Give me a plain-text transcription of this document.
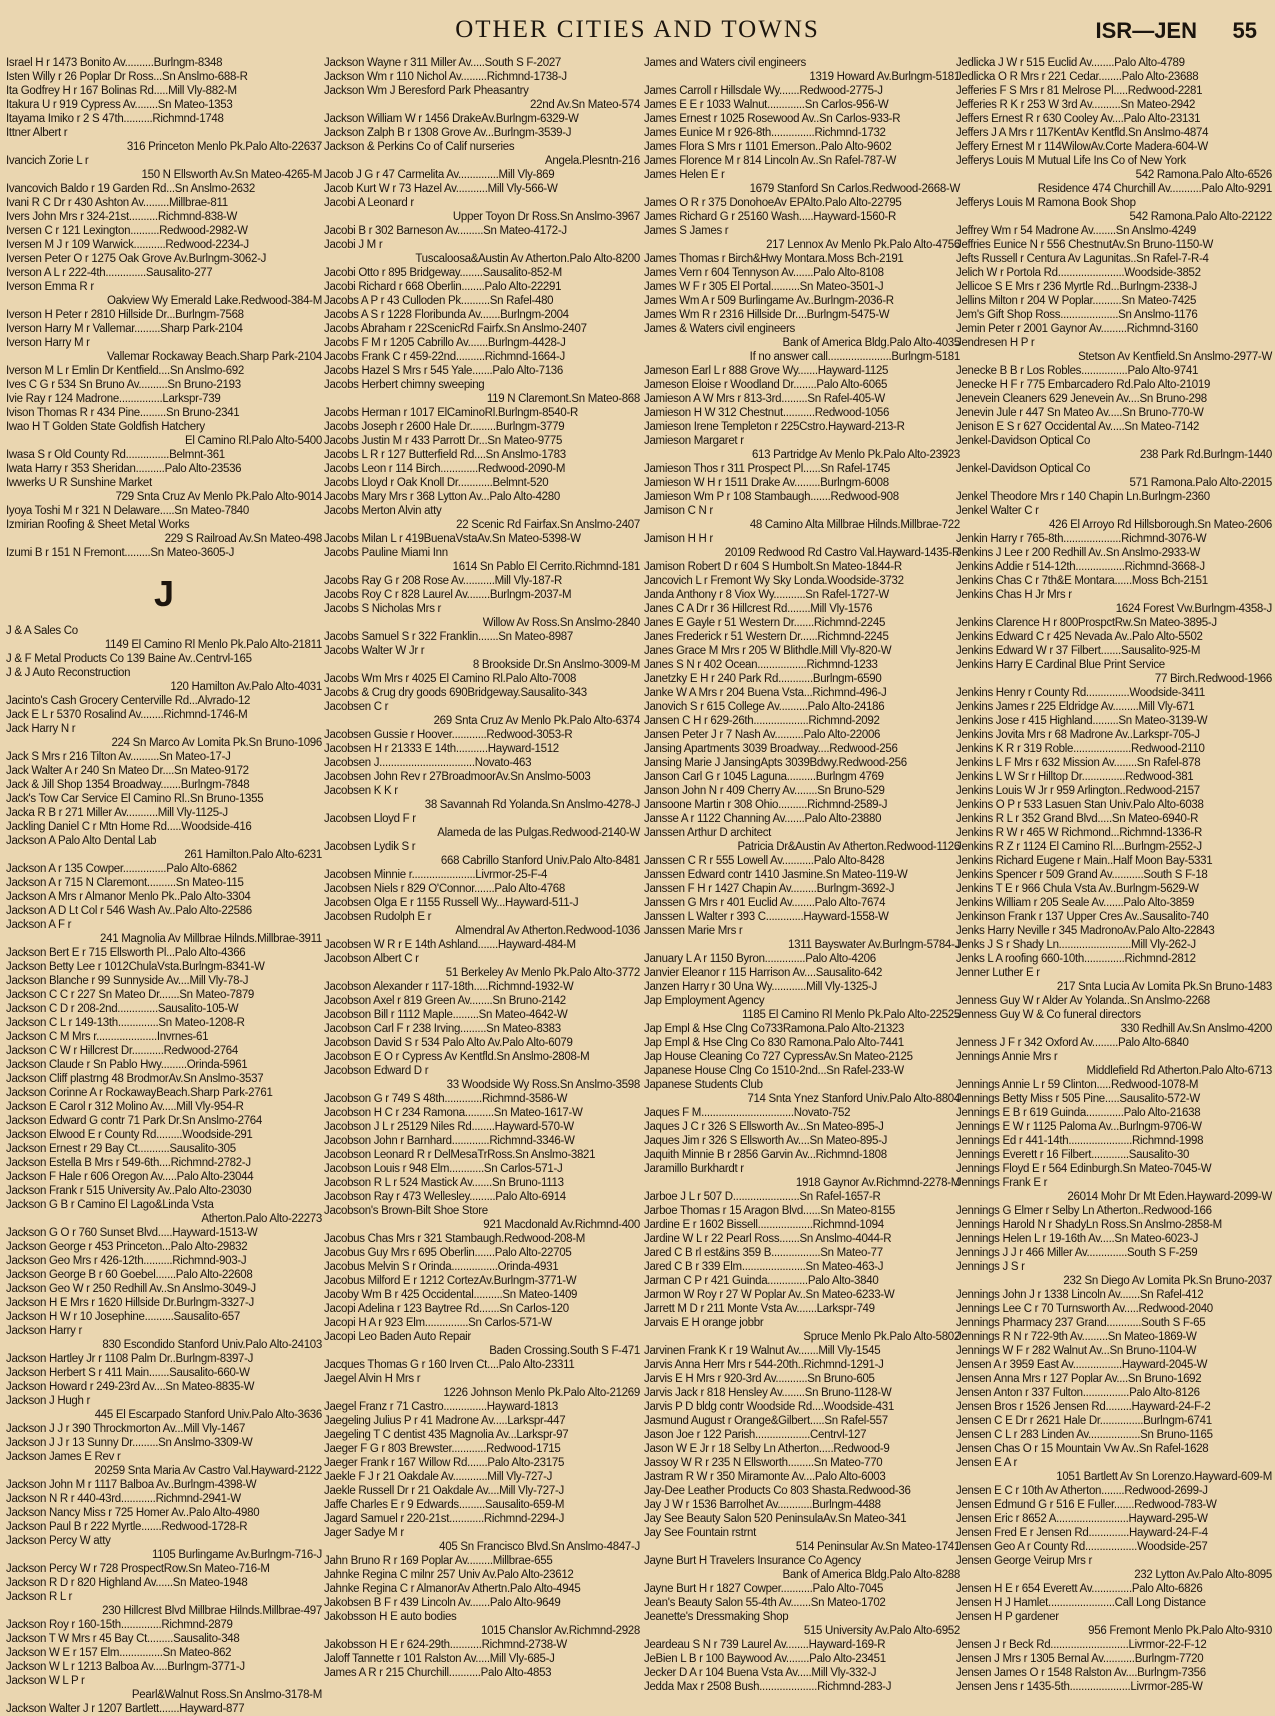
OTHER CITIES AND TOWNS	ISR—JEN 55
Israel H r 1473 Bonito Av..........Burlngm-8348
Isten Willy r 26 Poplar Dr Ross...Sn Anslmo-688-R
Ita Godfrey H r 167 Bolinas Rd.....Mill Vly-882-M
Itakura U r 919 Cypress Av........Sn Mateo-1353
Itayama Imiko r 2 S 47th..........Richmnd-1748
Ittner Albert r
316 Princeton Menlo Pk.Palo Alto-22637
Ivancich Zorie L r
150 N Ellsworth Av.Sn Mateo-4265-M
Ivancovich Baldo r 19 Garden Rd...Sn Anslmo-2632
Ivani R C Dr r 430 Ashton Av.........Millbrae-811
Ivers John Mrs r 324-21st..........Richmnd-838-W
Iversen C r 121 Lexington..........Redwood-2982-W
Iversen M J r 109 Warwick...........Redwood-2234-J
Iversen Peter O r 1275 Oak Grove Av.Burlngm-3062-J
Iverson A L r 222-4th..............Sausalito-277
Iverson Emma R r
Oakview Wy Emerald Lake.Redwood-384-M
Iverson H Peter r 2810 Hillside Dr...Burlngm-7568
Iverson Harry M r Vallemar.........Sharp Park-2104
Iverson Harry M r
Vallemar Rockaway Beach.Sharp Park-2104
Iverson M L r Emlin Dr Kentfield....Sn Anslmo-692
Ives C G r 534 Sn Bruno Av..........Sn Bruno-2193
Ivie Ray r 124 Madrone...............Larkspr-739
Ivison Thomas R r 434 Pine.........Sn Bruno-2341
Iwao H T Golden State Goldfish Hatchery
El Camino Rl.Palo Alto-5400
Iwasa S r Old County Rd...............Belmnt-361
Iwata Harry r 353 Sheridan..........Palo Alto-23536
Iwwerks U R Sunshine Market
729 Snta Cruz Av Menlo Pk.Palo Alto-9014
Iyoya Toshi M r 321 N Delaware.....Sn Mateo-7840
Izmirian Roofing & Sheet Metal Works
229 S Railroad Av.Sn Mateo-498
Izumi B r 151 N Fremont.........Sn Mateo-3605-J
J
J & A Sales Co
1149 El Camino Rl Menlo Pk.Palo Alto-21811
J & F Metal Products Co 139 Baine Av..Centrvl-165
J & J Auto Reconstruction
120 Hamilton Av.Palo Alto-4031
Jacinto's Cash Grocery Centerville Rd...Alvrado-12
Jack E L r 5370 Rosalind Av........Richmnd-1746-M
Jack Harry N r
224 Sn Marco Av Lomita Pk.Sn Bruno-1096
Jack S Mrs r 216 Tilton Av..........Sn Mateo-17-J
Jack Walter A r 240 Sn Mateo Dr....Sn Mateo-9172
Jack & Jill Shop 1354 Broadway.......Burlngm-7848
Jack's Tow Car Service El Camino Rl..Sn Bruno-1355
Jacka R B r 271 Miller Av...........Mill Vly-1125-J
Jackling Daniel C r Mtn Home Rd.....Woodside-416
Jackson A Palo Alto Dental Lab
261 Hamilton.Palo Alto-6231
Jackson A r 135 Cowper...............Palo Alto-6862
Jackson A r 715 N Claremont..........Sn Mateo-115
Jackson A Mrs r Almanor Menlo Pk..Palo Alto-3304
Jackson A D Lt Col r 546 Wash Av..Palo Alto-22586
Jackson A F r
241 Magnolia Av Millbrae Hilnds.Millbrae-3911
Jackson Bert E r 715 Ellsworth Pl...Palo Alto-4366
Jackson Betty Lee r 1012ChulaVsta.Burlngm-8341-W
Jackson Blanche r 99 Sunnyside Av....Mill Vly-78-J
Jackson C C r 227 Sn Mateo Dr.......Sn Mateo-7879
Jackson C D r 208-2nd..............Sausalito-105-W
Jackson C L r 149-13th..............Sn Mateo-1208-R
Jackson C M Mrs r.....................Invrnes-61
Jackson C W r Hillcrest Dr...........Redwood-2764
Jackson Claude r Sn Pablo Hwy.........Orinda-5961
Jackson Cliff plastrng 48 BrodmorAv.Sn Anslmo-3537
Jackson Corinne A r RockawayBeach.Sharp Park-2761
Jackson E Carol r 312 Molino Av.....Mill Vly-954-R
Jackson Edward G contr 71 Park Dr.Sn Anslmo-2764
Jackson Elwood E r County Rd.........Woodside-291
Jackson Ernest r 29 Bay Ct...........Sausalito-305
Jackson Estella B Mrs r 549-6th....Richmnd-2782-J
Jackson F Hale r 606 Oregon Av.....Palo Alto-23044
Jackson Frank r 515 University Av..Palo Alto-23030
Jackson G B r Camino El Lago&Linda Vsta
Atherton.Palo Alto-22273
Jackson G O r 760 Sunset Blvd.....Hayward-1513-W
Jackson George r 453 Princeton...Palo Alto-29832
Jackson Geo Mrs r 426-12th..........Richmnd-903-J
Jackson George B r 60 Goebel.......Palo Alto-22608
Jackson Geo W r 250 Redhill Av..Sn Anslmo-3049-J
Jackson H E Mrs r 1620 Hillside Dr.Burlngm-3327-J
Jackson H W r 10 Josephine..........Sausalito-657
Jackson Harry r
830 Escondido Stanford Univ.Palo Alto-24103
Jackson Hartley Jr r 1108 Palm Dr..Burlngm-8397-J
Jackson Herbert S r 411 Main.......Sausalito-660-W
Jackson Howard r 249-23rd Av....Sn Mateo-8835-W
Jackson J Hugh r
445 El Escarpado Stanford Univ.Palo Alto-3636
Jackson J J r 390 Throckmorton Av...Mill Vly-1467
Jackson J J r 13 Sunny Dr.........Sn Anslmo-3309-W
Jackson James E Rev r
20259 Snta Maria Av Castro Val.Hayward-2122
Jackson John M r 1117 Balboa Av..Burlngm-4398-W
Jackson N R r 440-43rd............Richmnd-2941-W
Jackson Nancy Miss r 725 Homer Av..Palo Alto-4980
Jackson Paul B r 222 Myrtle.......Redwood-1728-R
Jackson Percy W atty
1105 Burlingame Av.Burlngm-716-J
Jackson Percy W r 728 ProspectRow.Sn Mateo-716-M
Jackson R D r 820 Highland Av......Sn Mateo-1948
Jackson R L r
230 Hillcrest Blvd Millbrae Hilnds.Millbrae-497
Jackson Roy r 160-15th..............Richmnd-2879
Jackson T W Mrs r 45 Bay Ct.........Sausalito-348
Jackson W E r 157 Elm...............Sn Mateo-862
Jackson W L r 1213 Balboa Av.....Burlngm-3771-J
Jackson W L P r
Pearl&Walnut Ross.Sn Anslmo-3178-M
Jackson Walter J r 1207 Bartlett.......Hayward-877
Jackson Wayne r 311 Miller Av.....South S F-2027
Jackson Wm r 110 Nichol Av.........Richmnd-1738-J
Jackson Wm J Beresford Park Pheasantry
22nd Av.Sn Mateo-574
Jackson William W r 1456 DrakeAv.Burlngm-6329-W
Jackson Zalph B r 1308 Grove Av...Burlngm-3539-J
Jackson & Perkins Co of Calif nurseries
Angela.Plesntn-216
Jacob J G r 47 Carmelita Av..............Mill Vly-869
Jacob Kurt W r 73 Hazel Av...........Mill Vly-566-W
Jacobi A Leonard r
Upper Toyon Dr Ross.Sn Anslmo-3967
Jacobi B r 302 Barneson Av.........Sn Mateo-4172-J
Jacobi J M r
Tuscaloosa&Austin Av Atherton.Palo Alto-8200
Jacobi Otto r 895 Bridgeway........Sausalito-852-M
Jacobi Richard r 668 Oberlin........Palo Alto-22291
Jacobs A P r 43 Culloden Pk..........Sn Rafel-480
Jacobs A S r 1228 Floribunda Av.......Burlngm-2004
Jacobs Abraham r 22ScenicRd Fairfx.Sn Anslmo-2407
Jacobs F M r 1205 Cabrillo Av.......Burlngm-4428-J
Jacobs Frank C r 459-22nd..........Richmnd-1664-J
Jacobs Hazel S Mrs r 545 Yale.......Palo Alto-7136
Jacobs Herbert chimny sweeping
119 N Claremont.Sn Mateo-868
Jacobs Herman r 1017 ElCaminoRl.Burlngm-8540-R
Jacobs Joseph r 2600 Hale Dr.........Burlngm-3779
Jacobs Justin M r 433 Parrott Dr...Sn Mateo-9775
Jacobs L R r 127 Butterfield Rd....Sn Anslmo-1783
Jacobs Leon r 114 Birch.............Redwood-2090-M
Jacobs Lloyd r Oak Knoll Dr............Belmnt-520
Jacobs Mary Mrs r 368 Lytton Av...Palo Alto-4280
Jacobs Merton Alvin atty
22 Scenic Rd Fairfax.Sn Anslmo-2407
Jacobs Milan L r 419BuenaVstaAv.Sn Mateo-5398-W
Jacobs Pauline Miami Inn
1614 Sn Pablo El Cerrito.Richmnd-181
Jacobs Ray G r 208 Rose Av...........Mill Vly-187-R
Jacobs Roy C r 828 Laurel Av........Burlngm-2037-M
Jacobs S Nicholas Mrs r
Willow Av Ross.Sn Anslmo-2840
Jacobs Samuel S r 322 Franklin.......Sn Mateo-8987
Jacobs Walter W Jr r
8 Brookside Dr.Sn Anslmo-3009-M
Jacobs Wm Mrs r 4025 El Camino Rl.Palo Alto-7008
Jacobs & Crug dry goods 690Bridgeway.Sausalito-343
Jacobsen C r
269 Snta Cruz Av Menlo Pk.Palo Alto-6374
Jacobsen Gussie r Hoover............Redwood-3053-R
Jacobsen H r 21333 E 14th...........Hayward-1512
Jacobsen J.................................Novato-463
Jacobsen John Rev r 27BroadmoorAv.Sn Anslmo-5003
Jacobsen K K r
38 Savannah Rd Yolanda.Sn Anslmo-4278-J
Jacobsen Lloyd F r
Alameda de las Pulgas.Redwood-2140-W
Jacobsen Lydik S r
668 Cabrillo Stanford Univ.Palo Alto-8481
Jacobsen Minnie r......................Livrmor-25-F-4
Jacobsen Niels r 829 O'Connor.......Palo Alto-4768
Jacobsen Olga E r 1155 Russell Wy...Hayward-511-J
Jacobsen Rudolph E r
Almendral Av Atherton.Redwood-1036
Jacobsen W R r E 14th Ashland.......Hayward-484-M
Jacobson Albert C r
51 Berkeley Av Menlo Pk.Palo Alto-3772
Jacobson Alexander r 117-18th.....Richmnd-1932-W
Jacobson Axel r 819 Green Av........Sn Bruno-2142
Jacobson Bill r 1112 Maple.........Sn Mateo-4642-W
Jacobson Carl F r 238 Irving.........Sn Mateo-8383
Jacobson David S r 534 Palo Alto Av.Palo Alto-6079
Jacobson E O r Cypress Av Kentfld.Sn Anslmo-2808-M
Jacobson Edward D r
33 Woodside Wy Ross.Sn Anslmo-3598
Jacobson G r 749 S 48th.............Richmnd-3586-W
Jacobson H C r 234 Ramona..........Sn Mateo-1617-W
Jacobson J L r 25129 Niles Rd........Hayward-570-W
Jacobson John r Barnhard.............Richmnd-3346-W
Jacobson Leonard R r DelMesaTrRoss.Sn Anslmo-3821
Jacobson Louis r 948 Elm............Sn Carlos-571-J
Jacobson R L r 524 Mastick Av.......Sn Bruno-1113
Jacobson Ray r 473 Wellesley.........Palo Alto-6914
Jacobson's Brown-Bilt Shoe Store
921 Macdonald Av.Richmnd-400
Jacobus Chas Mrs r 321 Stambaugh.Redwood-208-M
Jacobus Guy Mrs r 695 Oberlin.......Palo Alto-22705
Jacobus Melvin S r Orinda................Orinda-4931
Jacobus Milford E r 1212 CortezAv.Burlngm-3771-W
Jacoby Wm B r 425 Occidental..........Sn Mateo-1409
Jacopi Adelina r 123 Baytree Rd.......Sn Carlos-120
Jacopi H A r 923 Elm...............Sn Carlos-571-W
Jacopi Leo Baden Auto Repair
Baden Crossing.South S F-471
Jacques Thomas G r 160 Irven Ct....Palo Alto-23311
Jaegel Alvin H Mrs r
1226 Johnson Menlo Pk.Palo Alto-21269
Jaegel Franz r 71 Castro...............Hayward-1813
Jaegeling Julius P r 41 Madrone Av.....Larkspr-447
Jaegeling T C dentist 435 Magnolia Av...Larkspr-97
Jaeger F G r 803 Brewster............Redwood-1715
Jaeger Frank r 167 Willow Rd.......Palo Alto-23175
Jaekle F J r 21 Oakdale Av............Mill Vly-727-J
Jaekle Russell Dr r 21 Oakdale Av....Mill Vly-727-J
Jaffe Charles E r 9 Edwards.........Sausalito-659-M
Jagard Samuel r 220-21st............Richmnd-2294-J
Jager Sadye M r
405 Sn Francisco Blvd.Sn Anslmo-4847-J
Jahn Bruno R r 169 Poplar Av.........Millbrae-655
Jahnke Regina C milnr 257 Univ Av.Palo Alto-23612
Jahnke Regina C r AlmanorAv Athertn.Palo Alto-4945
Jakobsen B F r 439 Lincoln Av.......Palo Alto-9649
Jakobsson H E auto bodies
1015 Chanslor Av.Richmnd-2928
Jakobsson H E r 624-29th...........Richmnd-2738-W
Jaloff Tannette r 101 Ralston Av.....Mill Vly-685-J
James A R r 215 Churchill...........Palo Alto-4853
James and Waters civil engineers
1319 Howard Av.Burlngm-5181
James Carroll r Hillsdale Wy.......Redwood-2775-J
James E E r 1033 Walnut.............Sn Carlos-956-W
James Ernest r 1025 Rosewood Av..Sn Carlos-933-R
James Eunice M r 926-8th...............Richmnd-1732
James Flora S Mrs r 1101 Emerson..Palo Alto-9602
James Florence M r 814 Lincoln Av..Sn Rafel-787-W
James Helen E r
1679 Stanford Sn Carlos.Redwood-2668-W
James O R r 375 DonohoeAv EPAlto.Palo Alto-22795
James Richard G r 25160 Wash.....Hayward-1560-R
James S James r
217 Lennox Av Menlo Pk.Palo Alto-4756
James Thomas r Birch&Hwy Montara.Moss Bch-2191
James Vern r 604 Tennyson Av.......Palo Alto-8108
James W F r 305 El Portal..........Sn Mateo-3501-J
James Wm A r 509 Burlingame Av..Burlngm-2036-R
James Wm R r 2316 Hillside Dr....Burlngm-5475-W
James & Waters civil engineers
Bank of America Bldg.Palo Alto-4035
If no answer call......................Burlngm-5181
Jameson Earl L r 888 Grove Wy.......Hayward-1125
Jameson Eloise r Woodland Dr........Palo Alto-6065
Jamieson A W Mrs r 813-3rd.........Sn Rafel-405-W
Jamieson H W 312 Chestnut...........Redwood-1056
Jamieson Irene Templeton r 225Cstro.Hayward-213-R
Jamieson Margaret r
613 Partridge Av Menlo Pk.Palo Alto-23923
Jamieson Thos r 311 Prospect Pl......Sn Rafel-1745
Jamieson W H r 1511 Drake Av.........Burlngm-6008
Jamieson Wm P r 108 Stambaugh.......Redwood-908
Jamison C N r
48 Camino Alta Millbrae Hilnds.Millbrae-722
Jamison H H r
20109 Redwood Rd Castro Val.Hayward-1435-R
Jamison Robert D r 604 S Humbolt.Sn Mateo-1844-R
Jancovich L r Fremont Wy Sky Londa.Woodside-3732
Janda Anthony r 8 Viox Wy...........Sn Rafel-1727-W
Janes C A Dr r 36 Hillcrest Rd........Mill Vly-1576
Janes E Gayle r 51 Western Dr.......Richmnd-2245
Janes Frederick r 51 Western Dr......Richmnd-2245
Janes Grace M Mrs r 205 W Blithdle.Mill Vly-820-W
Janes S N r 402 Ocean.................Richmnd-1233
Janetzky E H r 240 Park Rd............Burlngm-6590
Janke W A Mrs r 204 Buena Vsta...Richmnd-496-J
Janovich S r 615 College Av..........Palo Alto-24186
Jansen C H r 629-26th...................Richmnd-2092
Jansen Peter J r 7 Nash Av..........Palo Alto-22006
Jansing Apartments 3039 Broadway....Redwood-256
Jansing Marie J JansingApts 3039Bdwy.Redwood-256
Janson Carl G r 1045 Laguna..........Burlngm 4769
Janson John N r 409 Cherry Av........Sn Bruno-529
Jansoone Martin r 308 Ohio..........Richmnd-2589-J
Jansse A r 1122 Channing Av.......Palo Alto-23880
Janssen Arthur D architect
Patricia Dr&Austin Av Atherton.Redwood-1126
Janssen C R r 555 Lowell Av...........Palo Alto-8428
Janssen Edward contr 1410 Jasmine.Sn Mateo-119-W
Janssen F H r 1427 Chapin Av.........Burlngm-3692-J
Janssen G Mrs r 401 Euclid Av........Palo Alto-7674
Janssen L Walter r 393 C.............Hayward-1558-W
Janssen Marie Mrs r
1311 Bayswater Av.Burlngm-5784-J
January L A r 1150 Byron..............Palo Alto-4206
Janvier Eleanor r 115 Harrison Av....Sausalito-642
Janzen Harry r 30 Una Wy............Mill Vly-1325-J
Jap Employment Agency
1185 El Camino Rl Menlo Pk.Palo Alto-22525
Jap Empl & Hse Clng Co733Ramona.Palo Alto-21323
Jap Empl & Hse Clng Co 830 Ramona.Palo Alto-7441
Jap House Cleaning Co 727 CypressAv.Sn Mateo-2125
Japanese House Clng Co 1510-2nd...Sn Rafel-233-W
Japanese Students Club
714 Snta Ynez Stanford Univ.Palo Alto-8804
Jaques F M................................Novato-752
Jaques J C r 326 S Ellsworth Av...Sn Mateo-895-J
Jaques Jim r 326 S Ellsworth Av....Sn Mateo-895-J
Jaquith Minnie B r 2856 Garvin Av...Richmnd-1808
Jaramillo Burkhardt r
1918 Gaynor Av.Richmnd-2278-M
Jarboe J L r 507 D.......................Sn Rafel-1657-R
Jarboe Thomas r 15 Aragon Blvd......Sn Mateo-8155
Jardine E r 1602 Bissell...................Richmnd-1094
Jardine W L r 22 Pearl Ross.......Sn Anslmo-4044-R
Jared C B rl est&ins 359 B.................Sn Mateo-77
Jared C B r 339 Elm......................Sn Mateo-463-J
Jarman C P r 421 Guinda..............Palo Alto-3840
Jarmon W Roy r 27 W Poplar Av..Sn Mateo-6233-W
Jarrett M D r 211 Monte Vsta Av.......Larkspr-749
Jarvais E H orange jobbr
Spruce Menlo Pk.Palo Alto-5802
Jarvinen Frank K r 19 Walnut Av.......Mill Vly-1545
Jarvis Anna Herr Mrs r 544-20th..Richmnd-1291-J
Jarvis E H Mrs r 920-3rd Av...........Sn Bruno-605
Jarvis Jack r 818 Hensley Av........Sn Bruno-1128-W
Jarvis P D bldg contr Woodside Rd....Woodside-431
Jasmund August r Orange&Gilbert.....Sn Rafel-557
Jason Joe r 122 Parish...................Centrvl-127
Jason W E Jr r 18 Selby Ln Atherton.....Redwood-9
Jassoy W R r 235 N Ellsworth.........Sn Mateo-770
Jastram R W r 350 Miramonte Av....Palo Alto-6003
Jay-Dee Leather Products Co 803 Shasta.Redwood-36
Jay J W r 1536 Barrolhet Av............Burlngm-4488
Jay See Beauty Salon 520 PeninsulaAv.Sn Mateo-341
Jay See Fountain rstrnt
514 Peninsular Av.Sn Mateo-1741
Jayne Burt H Travelers Insurance Co Agency
Bank of America Bldg.Palo Alto-8288
Jayne Burt H r 1827 Cowper...........Palo Alto-7045
Jean's Beauty Salon 55-4th Av.......Sn Mateo-1702
Jeanette's Dressmaking Shop
515 University Av.Palo Alto-6952
Jeardeau S N r 739 Laurel Av........Hayward-169-R
JeBien L B r 100 Baywood Av........Palo Alto-23451
Jecker D A r 104 Buena Vsta Av.....Mill Vly-332-J
Jedda Max r 2508 Bush....................Richmnd-283-J
Jedlicka J W r 515 Euclid Av........Palo Alto-4789
Jedlicka O R Mrs r 221 Cedar........Palo Alto-23688
Jefferies F S Mrs r 81 Melrose Pl.....Redwood-2281
Jefferies R K r 253 W 3rd Av..........Sn Mateo-2942
Jeffers Ernest R r 630 Cooley Av....Palo Alto-23131
Jeffers J A Mrs r 117KentAv Kentfld.Sn Anslmo-4874
Jeffery Ernest M r 114WilowAv.Corte Madera-604-W
Jefferys Louis M Mutual Life Ins Co of New York
542 Ramona.Palo Alto-6526
Residence 474 Churchill Av...........Palo Alto-9291
Jefferys Louis M Ramona Book Shop
542 Ramona.Palo Alto-22122
Jeffrey Wm r 54 Madrone Av........Sn Anslmo-4249
Jeffries Eunice N r 556 ChestnutAv.Sn Bruno-1150-W
Jefts Russell r Centura Av Lagunitas..Sn Rafel-7-R-4
Jelich W r Portola Rd.......................Woodside-3852
Jellicoe S E Mrs r 236 Myrtle Rd...Burlngm-2338-J
Jellins Milton r 204 W Poplar..........Sn Mateo-7425
Jem's Gift Shop Ross....................Sn Anslmo-1176
Jemin Peter r 2001 Gaynor Av.........Richmnd-3160
Jendresen H P r
Stetson Av Kentfield.Sn Anslmo-2977-W
Jenecke B B r Los Robles................Palo Alto-9741
Jenecke H F r 775 Embarcadero Rd.Palo Alto-21019
Jenevein Cleaners 629 Jenevein Av....Sn Bruno-298
Jenevin Jule r 447 Sn Mateo Av.....Sn Bruno-770-W
Jenison E S r 627 Occidental Av.....Sn Mateo-7142
Jenkel-Davidson Optical Co
238 Park Rd.Burlngm-1440
Jenkel-Davidson Optical Co
571 Ramona.Palo Alto-22015
Jenkel Theodore Mrs r 140 Chapin Ln.Burlngm-2360
Jenkel Walter C r
426 El Arroyo Rd Hillsborough.Sn Mateo-2606
Jenkin Harry r 765-8th....................Richmnd-3076-W
Jenkins J Lee r 200 Redhill Av..Sn Anslmo-2933-W
Jenkins Addie r 514-12th.................Richmnd-3668-J
Jenkins Chas C r 7th&E Montara......Moss Bch-2151
Jenkins Chas H Jr Mrs r
1624 Forest Vw.Burlngm-4358-J
Jenkins Clarence H r 800ProspctRw.Sn Mateo-3895-J
Jenkins Edward C r 425 Nevada Av..Palo Alto-5502
Jenkins Edward W r 37 Filbert.......Sausalito-925-M
Jenkins Harry E Cardinal Blue Print Service
77 Birch.Redwood-1966
Jenkins Henry r County Rd...............Woodside-3411
Jenkins James r 225 Eldridge Av.........Mill Vly-671
Jenkins Jose r 415 Highland.........Sn Mateo-3139-W
Jenkins Jovita Mrs r 68 Madrone Av..Larkspr-705-J
Jenkins K R r 319 Roble....................Redwood-2110
Jenkins L F Mrs r 632 Mission Av........Sn Rafel-878
Jenkins L W Sr r Hilltop Dr...............Redwood-381
Jenkins Louis W Jr r 959 Arlington..Redwood-2157
Jenkins O P r 533 Lasuen Stan Univ.Palo Alto-6038
Jenkins R L r 352 Grand Blvd.....Sn Mateo-6940-R
Jenkins R W r 465 W Richmond...Richmnd-1336-R
Jenkins R Z r 1124 El Camino Rl....Burlngm-2552-J
Jenkins Richard Eugene r Main..Half Moon Bay-5331
Jenkins Spencer r 509 Grand Av...........South S F-18
Jenkins T E r 966 Chula Vsta Av..Burlngm-5629-W
Jenkins William r 205 Seale Av.......Palo Alto-3859
Jenkinson Frank r 137 Upper Cres Av..Sausalito-740
Jenks Harry Neville r 345 MadronoAv.Palo Alto-22843
Jenks J S r Shady Ln.........................Mill Vly-262-J
Jenks L A roofing 660-10th..............Richmnd-2812
Jenner Luther E r
217 Snta Lucia Av Lomita Pk.Sn Bruno-1483
Jenness Guy W r Alder Av Yolanda..Sn Anslmo-2268
Jenness Guy W & Co funeral directors
330 Redhill Av.Sn Anslmo-4200
Jenness J F r 342 Oxford Av.........Palo Alto-6840
Jennings Annie Mrs r
Middlefield Rd Atherton.Palo Alto-6713
Jennings Annie L r 59 Clinton.....Redwood-1078-M
Jennings Betty Miss r 505 Pine.....Sausalito-572-W
Jennings E B r 619 Guinda.............Palo Alto-21638
Jennings E W r 1125 Paloma Av...Burlngm-9706-W
Jennings Ed r 441-14th......................Richmnd-1998
Jennings Everett r 16 Filbert.............Sausalito-30
Jennings Floyd E r 564 Edinburgh.Sn Mateo-7045-W
Jennings Frank E r
26014 Mohr Dr Mt Eden.Hayward-2099-W
Jennings G Elmer r Selby Ln Atherton..Redwood-166
Jennings Harold N r ShadyLn Ross.Sn Anslmo-2858-M
Jennings Helen L r 19-16th Av.....Sn Mateo-6023-J
Jennings J J r 466 Miller Av..............South S F-259
Jennings J S r
232 Sn Diego Av Lomita Pk.Sn Bruno-2037
Jennings John J r 1338 Lincoln Av.......Sn Rafel-412
Jennings Lee C r 70 Turnsworth Av.....Redwood-2040
Jennings Pharmacy 237 Grand............South S F-65
Jennings R N r 722-9th Av.........Sn Mateo-1869-W
Jennings W F r 282 Walnut Av...Sn Bruno-1104-W
Jensen A r 3959 East Av.................Hayward-2045-W
Jensen Anna Mrs r 127 Poplar Av....Sn Bruno-1692
Jensen Anton r 337 Fulton................Palo Alto-8126
Jensen Bros r 1526 Jensen Rd.........Hayward-24-F-2
Jensen C E Dr r 2621 Hale Dr...............Burlngm-6741
Jensen C L r 283 Linden Av..................Sn Bruno-1165
Jensen Chas O r 15 Mountain Vw Av..Sn Rafel-1628
Jensen E A r
1051 Bartlett Av Sn Lorenzo.Hayward-609-M
Jensen E C r 10th Av Atherton........Redwood-2699-J
Jensen Edmund G r 516 E Fuller.......Redwood-783-W
Jensen Eric r 8652 A.........................Hayward-295-W
Jensen Fred E r Jensen Rd..............Hayward-24-F-4
Jensen Geo A r County Rd..................Woodside-257
Jensen George Veirup Mrs r
232 Lytton Av.Palo Alto-8095
Jensen H E r 654 Everett Av..............Palo Alto-6826
Jensen H J Hamlet.......................Call Long Distance
Jensen H P gardener
956 Fremont Menlo Pk.Palo Alto-9310
Jensen J r Beck Rd...........................Livrmor-22-F-12
Jensen J Mrs r 1305 Bernal Av...........Burlngm-7720
Jensen James O r 1548 Ralston Av....Burlngm-7356
Jensen Jens r 1435-5th.....................Livrmor-285-W
